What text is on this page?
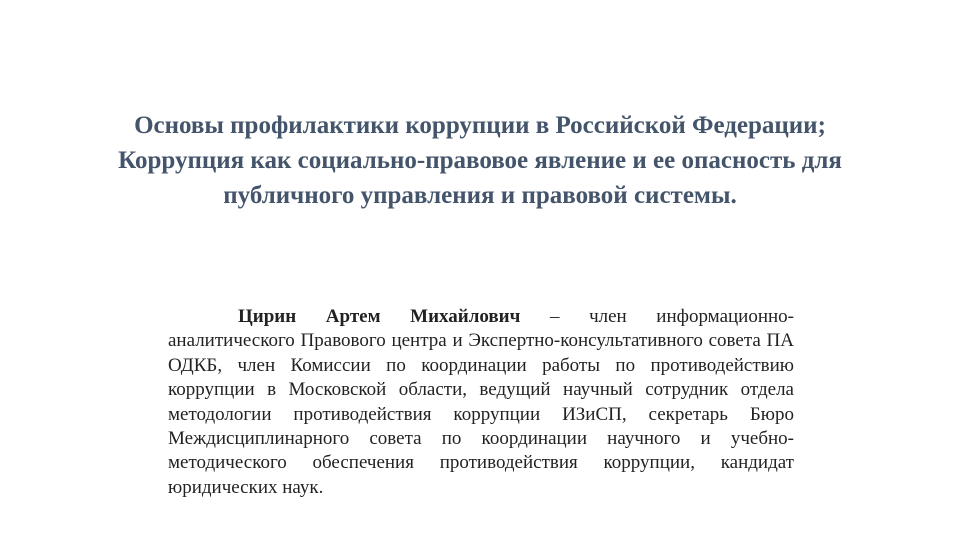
Основы профилактики коррупции в Российской Федерации; Коррупция как социально-правовое явление и ее опасность для публичного управления и правовой системы.

Цирин Артем Михайлович – член информационно-аналитического Правового центра и Экспертно-консультативного совета ПА ОДКБ, член Комиссии по координации работы по противодействию коррупции в Московской области, ведущий научный сотрудник отдела методологии противодействия коррупции ИЗиСП, секретарь Бюро Междисциплинарного совета по координации научного и учебно-методического обеспечения противодействия коррупции, кандидат юридических наук.
